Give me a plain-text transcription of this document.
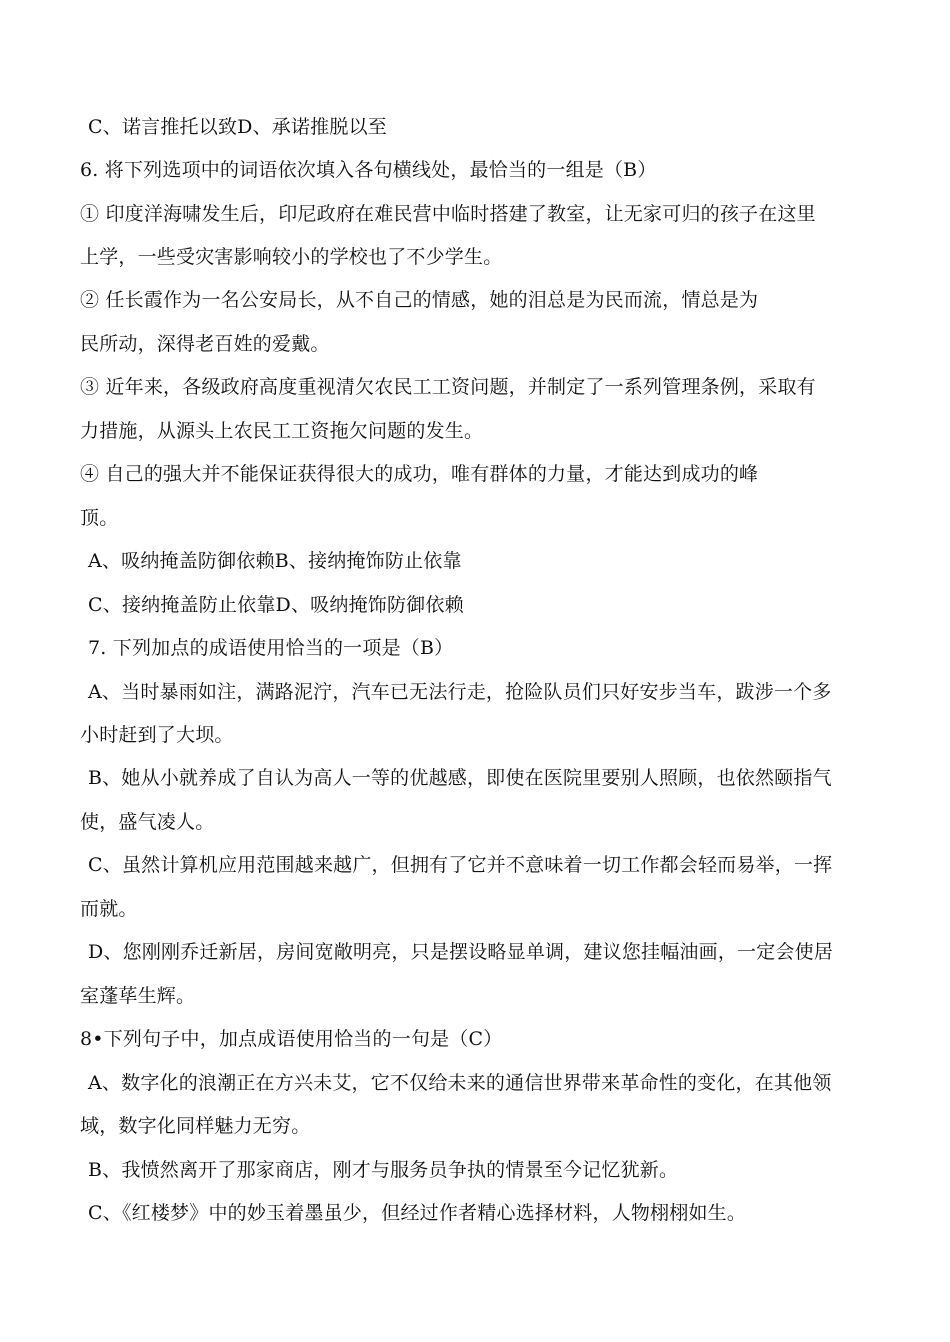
C、诺言推托以致D、承诺推脱以至
6. 将下列选项中的词语依次填入各句横线处，最恰当的一组是（B）
① 印度洋海啸发生后，印尼政府在难民营中临时搭建了教室，让无家可归的孩子在这里
上学，一些受灾害影响较小的学校也了不少学生。
② 任长霞作为一名公安局长，从不自己的情感，她的泪总是为民而流，情总是为
民所动，深得老百姓的爱戴。
③ 近年来，各级政府高度重视清欠农民工工资问题，并制定了一系列管理条例，采取有
力措施，从源头上农民工工资拖欠问题的发生。
④ 自己的强大并不能保证获得很大的成功，唯有群体的力量，才能达到成功的峰
顶。
A、吸纳掩盖防御依赖B、接纳掩饰防止依靠
C、接纳掩盖防止依靠D、吸纳掩饰防御依赖
7. 下列加点的成语使用恰当的一项是（B）
A、当时暴雨如注，满路泥泞，汽车已无法行走，抢险队员们只好安步当车，跋涉一个多
小时赶到了大坝。
B、她从小就养成了自认为高人一等的优越感，即使在医院里要别人照顾，也依然颐指气
使，盛气凌人。
C、虽然计算机应用范围越来越广，但拥有了它并不意味着一切工作都会轻而易举，一挥
而就。
D、您刚刚乔迁新居，房间宽敞明亮，只是摆设略显单调，建议您挂幅油画，一定会使居
室蓬荜生辉。
8•下列句子中，加点成语使用恰当的一句是（C）
A、数字化的浪潮正在方兴未艾，它不仅给未来的通信世界带来革命性的变化，在其他领
域，数字化同样魅力无穷。
B、我愤然离开了那家商店，刚才与服务员争执的情景至今记忆犹新。
C、《红楼梦》中的妙玉着墨虽少，但经过作者精心选择材料，人物栩栩如生。
